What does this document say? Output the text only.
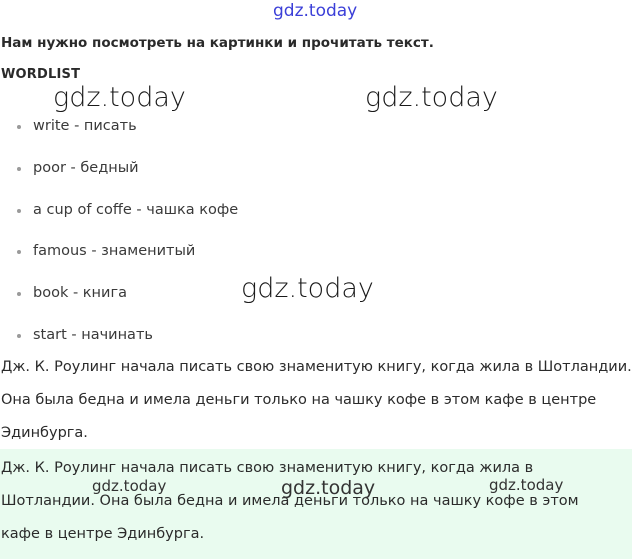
gdz.today
Нам нужно посмотреть на картинки и прочитать текст.
WORDLIST
gdz.today	gdz.today
write - писать
poor - бедный
a cup of coffe - чашка кофе
famous - знаменитый
book - книга
start - начинать
gdz.today
Дж. К. Роулинг начала писать свою знаменитую книгу, когда жила в Шотландии. Она была бедна и имела деньги только на чашку кофе в этом кафе в центре Эдинбурга.
Дж. К. Роулинг начала писать свою знаменитую книгу, когда жила в Шотландии. Она была бедна и имела деньги только на чашку кофе в этом кафе в центре Эдинбурга.
gdz.today	gdz.today	gdz.today
